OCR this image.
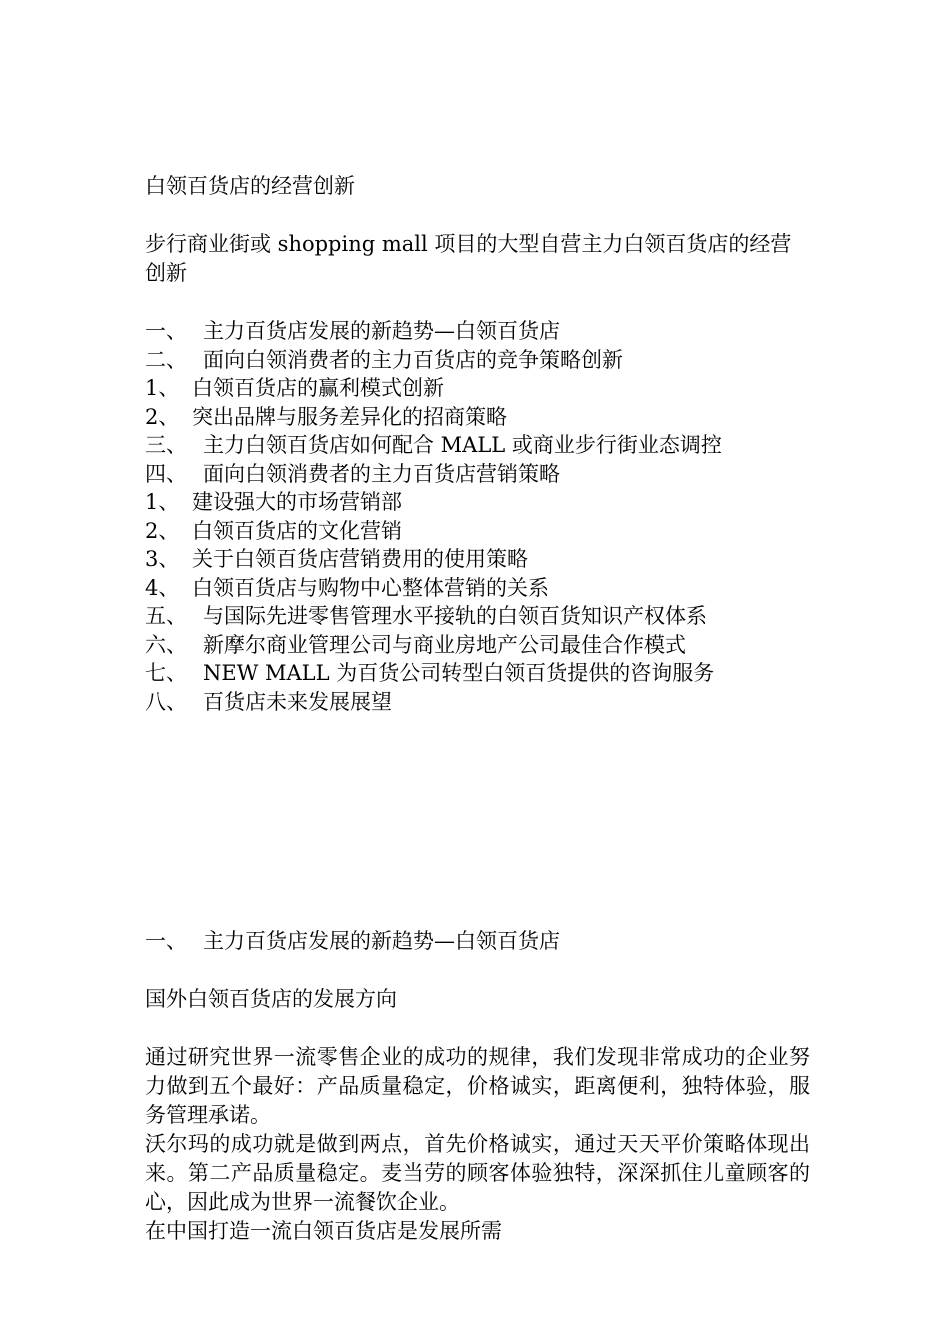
白领百货店的经营创新

步行商业街或 shopping mall 项目的大型自营主力白领百货店的经营创新

一、 主力百货店发展的新趋势—白领百货店

二、 面向白领消费者的主力百货店的竞争策略创新

1、 白领百货店的赢利模式创新

2、 突出品牌与服务差异化的招商策略

三、 主力白领百货店如何配合 MALL 或商业步行街业态调控

四、 面向白领消费者的主力百货店营销策略

1、 建设强大的市场营销部

2、 白领百货店的文化营销

3、 关于白领百货店营销费用的使用策略

4、 白领百货店与购物中心整体营销的关系

五、 与国际先进零售管理水平接轨的白领百货知识产权体系

六、 新摩尔商业管理公司与商业房地产公司最佳合作模式

七、 NEW MALL 为百货公司转型白领百货提供的咨询服务

八、 百货店未来发展展望

一、 主力百货店发展的新趋势—白领百货店

国外白领百货店的发展方向

通过研究世界一流零售企业的成功的规律，我们发现非常成功的企业努力做到五个最好：产品质量稳定，价格诚实，距离便利，独特体验，服务管理承诺。

沃尔玛的成功就是做到两点，首先价格诚实，通过天天平价策略体现出来。第二产品质量稳定。麦当劳的顾客体验独特，深深抓住儿童顾客的心，因此成为世界一流餐饮企业。

在中国打造一流白领百货店是发展所需
